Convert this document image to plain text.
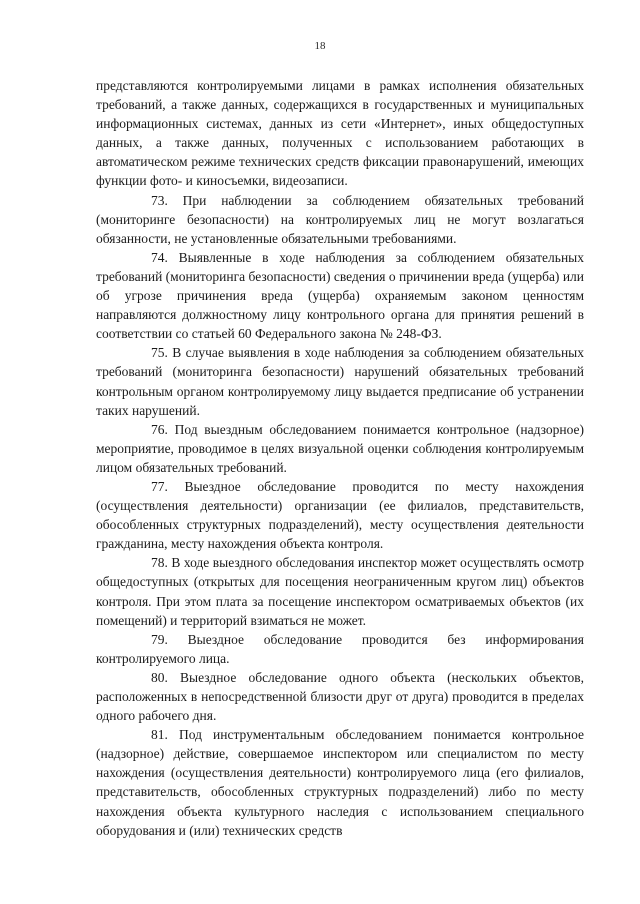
18

представляются контролируемыми лицами в рамках исполнения обязательных требований, а также данных, содержащихся в государственных и муниципальных информационных системах, данных из сети «Интернет», иных общедоступных данных, а также данных, полученных с использованием работающих в автоматическом режиме технических средств фиксации правонарушений, имеющих функции фото- и киносъемки, видеозаписи.

73. При наблюдении за соблюдением обязательных требований (мониторинге безопасности) на контролируемых лиц не могут возлагаться обязанности, не установленные обязательными требованиями.

74. Выявленные в ходе наблюдения за соблюдением обязательных требований (мониторинга безопасности) сведения о причинении вреда (ущерба) или об угрозе причинения вреда (ущерба) охраняемым законом ценностям направляются должностному лицу контрольного органа для принятия решений в соответствии со статьей 60 Федерального закона № 248-ФЗ.

75. В случае выявления в ходе наблюдения за соблюдением обязательных требований (мониторинга безопасности) нарушений обязательных требований контрольным органом контролируемому лицу выдается предписание об устранении таких нарушений.

76. Под выездным обследованием понимается контрольное (надзорное) мероприятие, проводимое в целях визуальной оценки соблюдения контролируемым лицом обязательных требований.

77. Выездное обследование проводится по месту нахождения (осуществления деятельности) организации (ее филиалов, представительств, обособленных структурных подразделений), месту осуществления деятельности гражданина, месту нахождения объекта контроля.

78. В ходе выездного обследования инспектор может осуществлять осмотр общедоступных (открытых для посещения неограниченным кругом лиц) объектов контроля. При этом плата за посещение инспектором осматриваемых объектов (их помещений) и территорий взиматься не может.

79. Выездное обследование проводится без информирования контролируемого лица.

80. Выездное обследование одного объекта (нескольких объектов, расположенных в непосредственной близости друг от друга) проводится в пределах одного рабочего дня.

81. Под инструментальным обследованием понимается контрольное (надзорное) действие, совершаемое инспектором или специалистом по месту нахождения (осуществления деятельности) контролируемого лица (его филиалов, представительств, обособленных структурных подразделений) либо по месту нахождения объекта культурного наследия с использованием специального оборудования и (или) технических средств
